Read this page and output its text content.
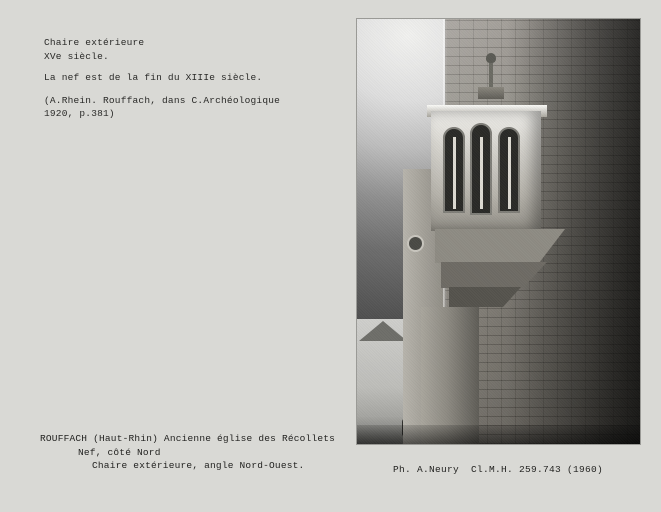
Chaire extérieure
XVe siècle.
La nef est de la fin du XIIIe siècle.
(A.Rhein. Rouffach, dans C.Archéologique
1920, p.381)
ROUFFACH (Haut-Rhin) Ancienne église des Récollets
Nef, côté Nord
Chaire extérieure, angle Nord-Ouest.	Ph. A.Neury  Cl.M.H. 259.743 (1960)
